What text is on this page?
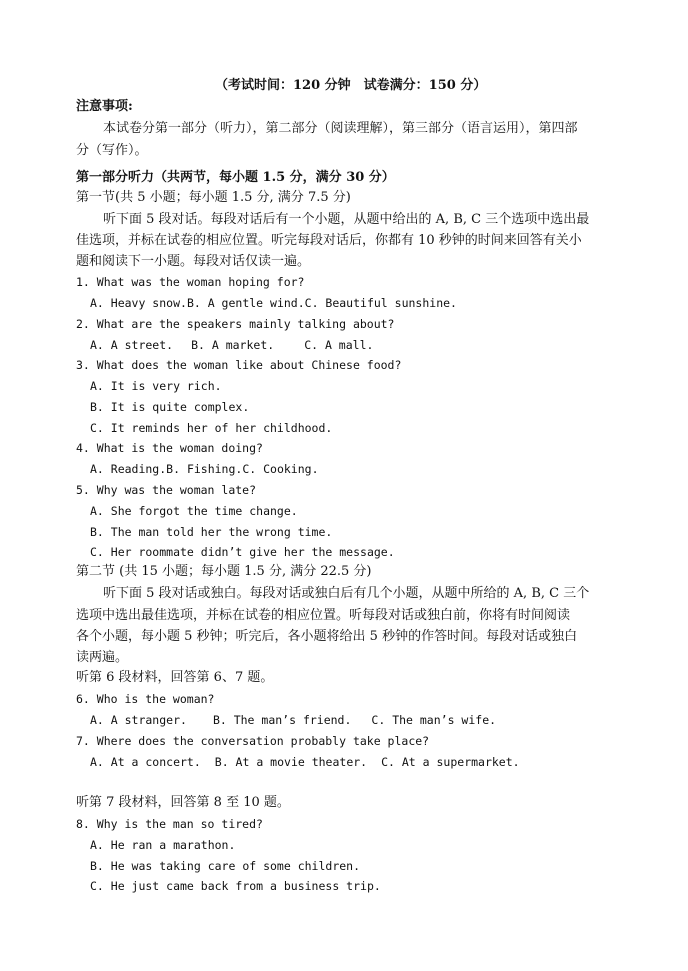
（考试时间：120 分钟　试卷满分：150 分）
注意事项:
本试卷分第一部分（听力），第二部分（阅读理解），第三部分（语言运用），第四部
分（写作）。
第一部分听力（共两节，每小题 1.5 分，满分 30 分）
第一节(共 5 小题；每小题 1.5 分, 满分 7.5 分)
听下面 5 段对话。每段对话后有一个小题，从题中给出的 A, B, C 三个选项中选出最
佳选项，并标在试卷的相应位置。听完每段对话后，你都有 10 秒钟的时间来回答有关小
题和阅读下一小题。每段对话仅读一遍。
1. What was the woman hoping for?
A. Heavy snow.B. A gentle wind.C. Beautiful sunshine.
2. What are the speakers mainly talking about?
A. A street. B. A market.	C. A mall.
3. What does the woman like about Chinese food?
A. It is very rich.
B. It is quite complex.
C. It reminds her of her childhood.
4. What is the woman doing?
A. Reading.B. Fishing.C. Cooking.
5. Why was the woman late?
A. She forgot the time change.
B. The man told her the wrong time.
C. Her roommate didn’t give her the message.
第二节 (共 15 小题；每小题 1.5 分, 满分 22.5 分)
听下面 5 段对话或独白。每段对话或独白后有几个小题，从题中所给的 A, B, C 三个
选项中选出最佳选项，并标在试卷的相应位置。听每段对话或独白前，你将有时间阅读
各个小题，每小题 5 秒钟；听完后，各小题将给出 5 秒钟的作答时间。每段对话或独白
读两遍。
听第 6 段材料，回答第 6、7 题。
6. Who is the woman?
A. A stranger. B. The man’s friend. C. The man’s wife.
7. Where does the conversation probably take place?
A. At a concert. B. At a movie theater. C. At a supermarket.
听第 7 段材料，回答第 8 至 10 题。
8. Why is the man so tired?
A. He ran a marathon.
B. He was taking care of some children.
C. He just came back from a business trip.
